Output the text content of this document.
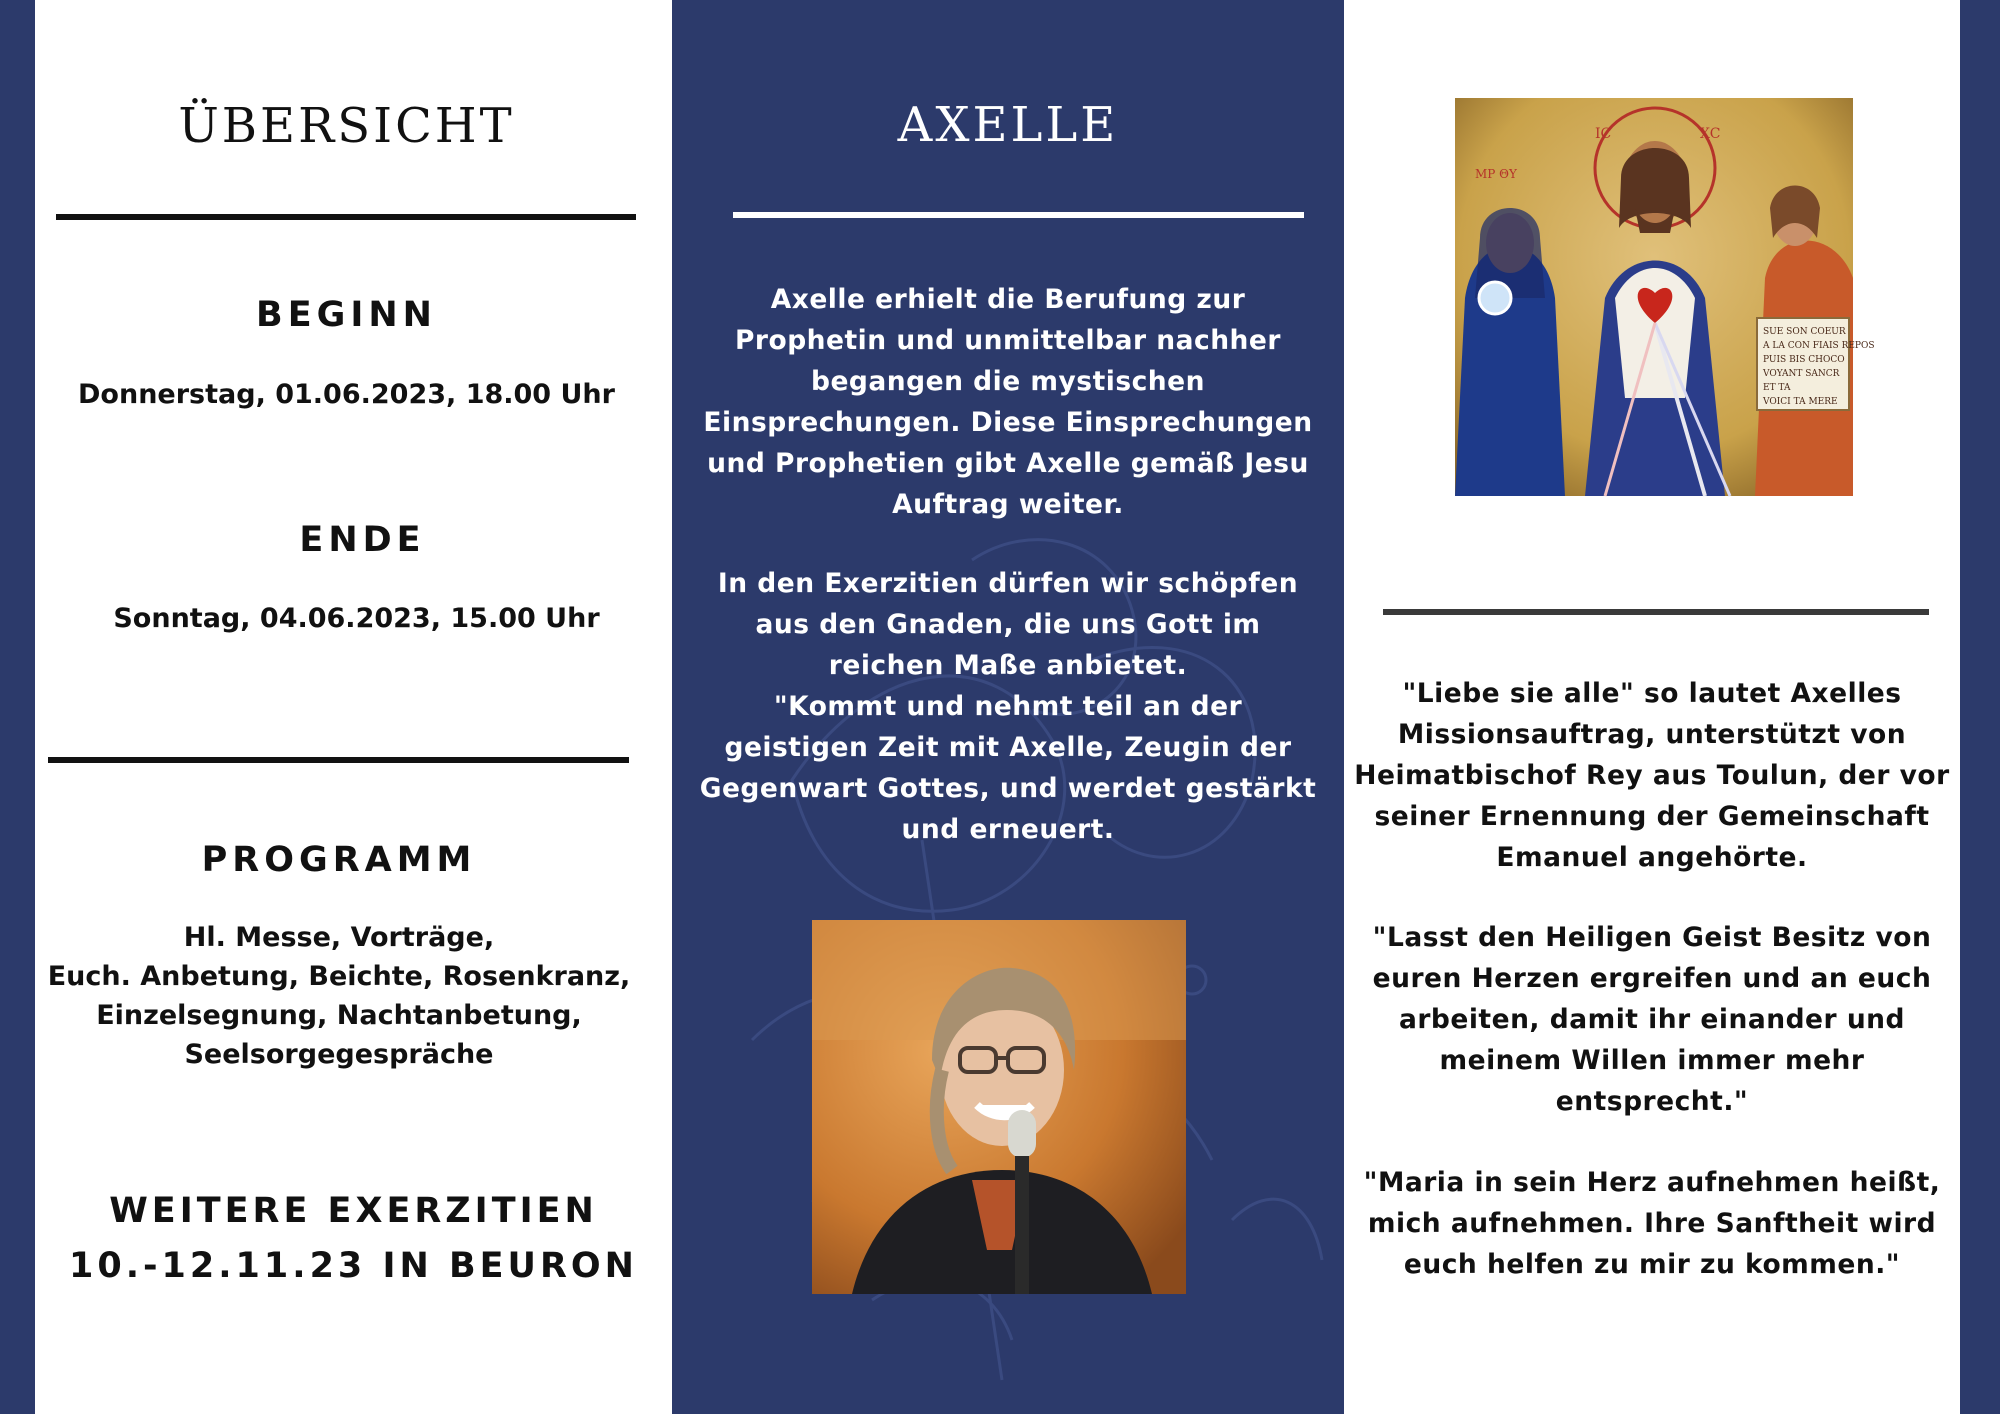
ÜBERSICHT
BEGINN
Donnerstag, 01.06.2023, 18.00 Uhr
ENDE
Sonntag, 04.06.2023, 15.00 Uhr
PROGRAMM
Hl. Messe, Vorträge,
Euch. Anbetung, Beichte, Rosenkranz,
Einzelsegnung, Nachtanbetung,
Seelsorgegespräche
WEITERE EXERZITIEN
10.-12.11.23 IN BEURON
AXELLE
Axelle erhielt die Berufung zur
Prophetin und unmittelbar nachher
begangen die mystischen
Einsprechungen. Diese Einsprechungen
und Prophetien gibt Axelle gemäß Jesu
Auftrag weiter.
In den Exerzitien dürfen wir schöpfen
aus den Gnaden, die uns Gott im
reichen Maße anbietet.
"Kommt und nehmt teil an der
geistigen Zeit mit Axelle, Zeugin der
Gegenwart Gottes, und werdet gestärkt
und erneuert.
IC	XC
ΜΡ ΘΥ
SUE SON COEUR
A LA CON FIAIS REPOS
PUIS BIS CHOCO
VOYANT SANCR
ET TA
VOICI TA MERE
"Liebe sie alle" so lautet Axelles
Missionsauftrag, unterstützt von
Heimatbischof Rey aus Toulun, der vor
seiner Ernennung der Gemeinschaft
Emanuel angehörte.
"Lasst den Heiligen Geist Besitz von
euren Herzen ergreifen und an euch
arbeiten, damit ihr einander und
meinem Willen immer mehr
entsprecht."
"Maria in sein Herz aufnehmen heißt,
mich aufnehmen. Ihre Sanftheit wird
euch helfen zu mir zu kommen."
